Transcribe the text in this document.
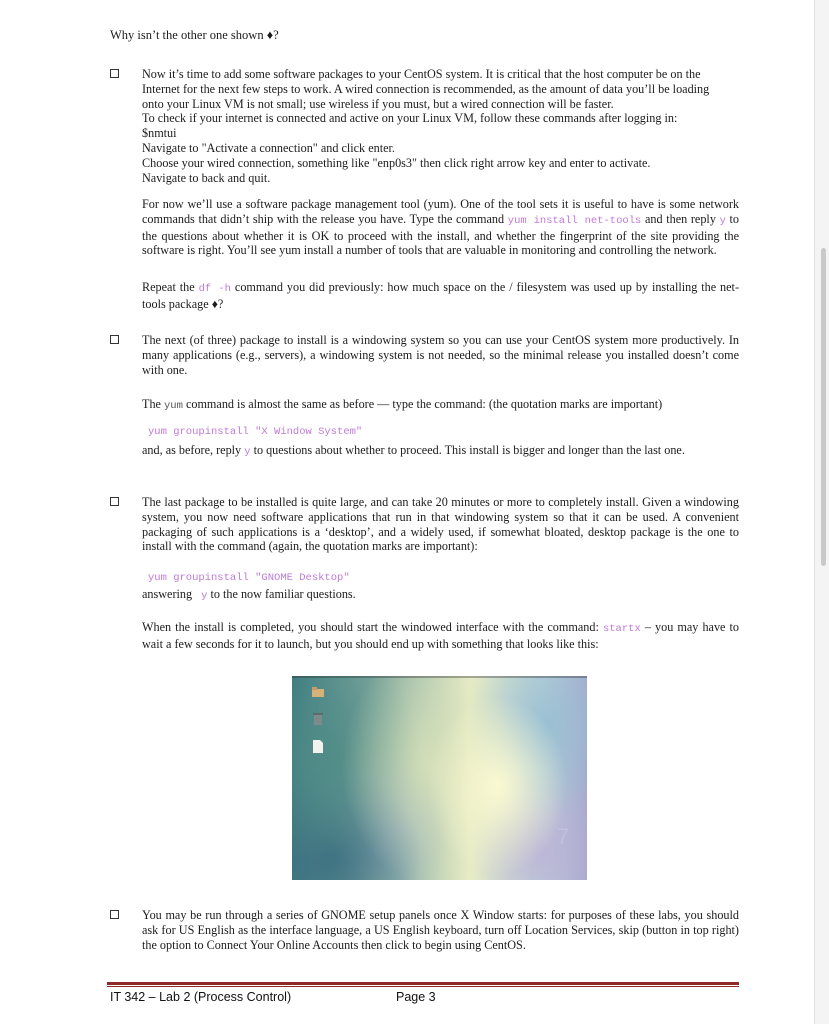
Why isn’t the other one shown ♦?
Now it’s time to add some software packages to your CentOS system. It is critical that the host computer be on the
Internet for the next few steps to work. A wired connection is recommended, as the amount of data you’ll be loading
onto your Linux VM is not small; use wireless if you must, but a wired connection will be faster.
To check if your internet is connected and active on your Linux VM, follow these commands after logging in:
$nmtui
Navigate to "Activate a connection" and click enter.
Choose your wired connection, something like "enp0s3" then click right arrow key and enter to activate.
Navigate to back and quit.
For now we’ll use a software package management tool (yum). One of the tool sets it is useful to have is some network commands that didn’t ship with the release you have. Type the command yum install net-tools and then reply y to the questions about whether it is OK to proceed with the install, and whether the fingerprint of the site providing the software is right. You’ll see yum install a number of tools that are valuable in monitoring and controlling the network.
Repeat the df -h command you did previously: how much space on the / filesystem was used up by installing the net-tools package ♦?
The next (of three) package to install is a windowing system so you can use your CentOS system more productively. In many applications (e.g., servers), a windowing system is not needed, so the minimal release you installed doesn’t come with one.
The yum command is almost the same as before — type the command: (the quotation marks are important)
yum groupinstall "X Window System"
and, as before, reply y to questions about whether to proceed. This install is bigger and longer than the last one.
The last package to be installed is quite large, and can take 20 minutes or more to completely install. Given a windowing system, you now need software applications that run in that windowing system so that it can be used. A convenient packaging of such applications is a ‘desktop’, and a widely used, if somewhat bloated, desktop package is the one to install with the command (again, the quotation marks are important):
yum groupinstall "GNOME Desktop"
answering y to the now familiar questions.
When the install is completed, you should start the windowed interface with the command: startx – you may have to wait a few seconds for it to launch, but you should end up with something that looks like this:
7
You may be run through a series of GNOME setup panels once X Window starts: for purposes of these labs, you should ask for US English as the interface language, a US English keyboard, turn off Location Services, skip (button in top right) the option to Connect Your Online Accounts then click to begin using CentOS.
IT 342 – Lab 2 (Process Control)	Page 3
